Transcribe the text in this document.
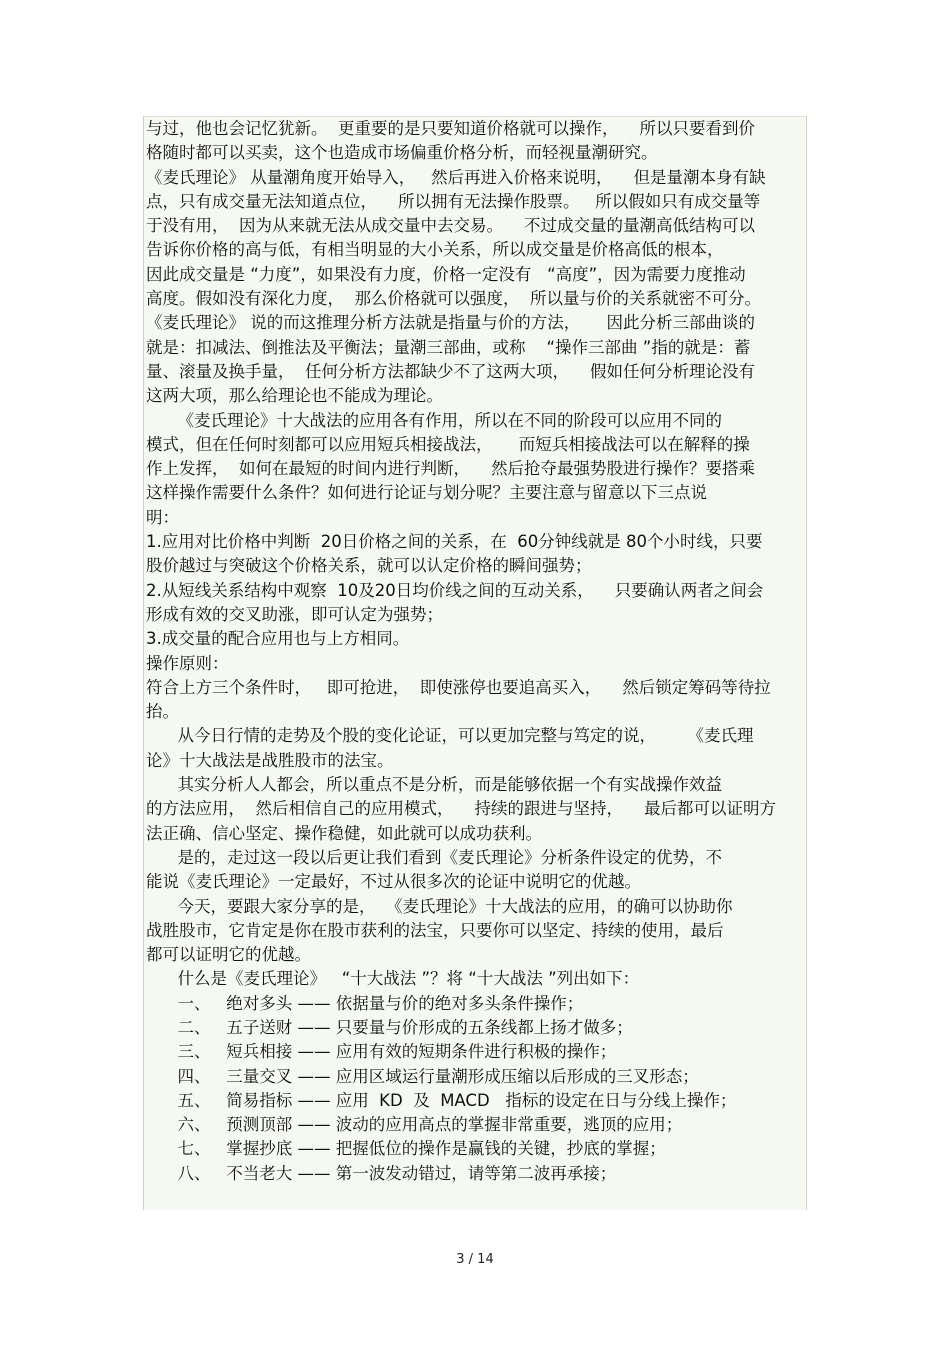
与过，他也会记忆犹新。  更重要的是只要知道价格就可以操作，    所以只要看到价
格随时都可以买卖，这个也造成市场偏重价格分析，而轻视量潮研究。
《麦氏理论》 从量潮角度开始导入，   然后再进入价格来说明，    但是量潮本身有缺
点，只有成交量无法知道点位，    所以拥有无法操作股票。   所以假如只有成交量等
于没有用，  因为从来就无法从成交量中去交易。    不过成交量的量潮高低结构可以
告诉你价格的高与低，有相当明显的大小关系，所以成交量是价格高低的根本，
因此成交量是 “力度”，如果没有力度，价格一定没有   “高度”，因为需要力度推动
高度。假如没有深化力度，  那么价格就可以强度，  所以量与价的关系就密不可分。
《麦氏理论》 说的而这推理分析方法就是指量与价的方法，     因此分析三部曲谈的
就是：扣减法、倒推法及平衡法；量潮三部曲，或称    “操作三部曲 ”指的就是：蓄
量、滚量及换手量，  任何分析方法都缺少不了这两大项，    假如任何分析理论没有
这两大项，那么给理论也不能成为理论。
《麦氏理论》十大战法的应用各有作用，所以在不同的阶段可以应用不同的
模式，但在任何时刻都可以应用短兵相接战法，     而短兵相接战法可以在解释的操
作上发挥，  如何在最短的时间内进行判断，    然后抢夺最强势股进行操作？要搭乘
这样操作需要什么条件？如何进行论证与划分呢？主要注意与留意以下三点说
明：
1.应用对比价格中判断  20日价格之间的关系，在  60分钟线就是 80个小时线，只要
股价越过与突破这个价格关系，就可以认定价格的瞬间强势；
2.从短线关系结构中观察  10及20日均价线之间的互动关系，    只要确认两者之间会
形成有效的交叉助涨，即可认定为强势；
3.成交量的配合应用也与上方相同。
操作原则：
符合上方三个条件时，   即可抢进，  即使涨停也要追高买入，    然后锁定筹码等待拉
抬。
从今日行情的走势及个股的变化论证，可以更加完整与笃定的说，      《麦氏理
论》十大战法是战胜股市的法宝。
其实分析人人都会，所以重点不是分析，而是能够依据一个有实战操作效益
的方法应用，  然后相信自己的应用模式，    持续的跟进与坚持，    最后都可以证明方
法正确、信心坚定、操作稳健，如此就可以成功获利。
是的，走过这一段以后更让我们看到《麦氏理论》分析条件设定的优势，不
能说《麦氏理论》一定最好，不过从很多次的论证中说明它的优越。
今天，要跟大家分享的是，  《麦氏理论》十大战法的应用，的确可以协助你
战胜股市，它肯定是你在股市获利的法宝，只要你可以坚定、持续的使用，最后
都可以证明它的优越。
什么是《麦氏理论》   “十大战法 ”？将 “十大战法 ”列出如下：
一、   绝对多头 —— 依据量与价的绝对多头条件操作；
二、   五子送财 —— 只要量与价形成的五条线都上扬才做多；
三、   短兵相接 —— 应用有效的短期条件进行积极的操作；
四、   三量交叉 —— 应用区域运行量潮形成压缩以后形成的三叉形态；
五、   简易指标 —— 应用  KD  及  MACD   指标的设定在日与分线上操作；
六、   预测顶部 —— 波动的应用高点的掌握非常重要，逃顶的应用；
七、   掌握抄底 —— 把握低位的操作是赢钱的关键，抄底的掌握；
八、   不当老大 —— 第一波发动错过，请等第二波再承接；
3 / 14
